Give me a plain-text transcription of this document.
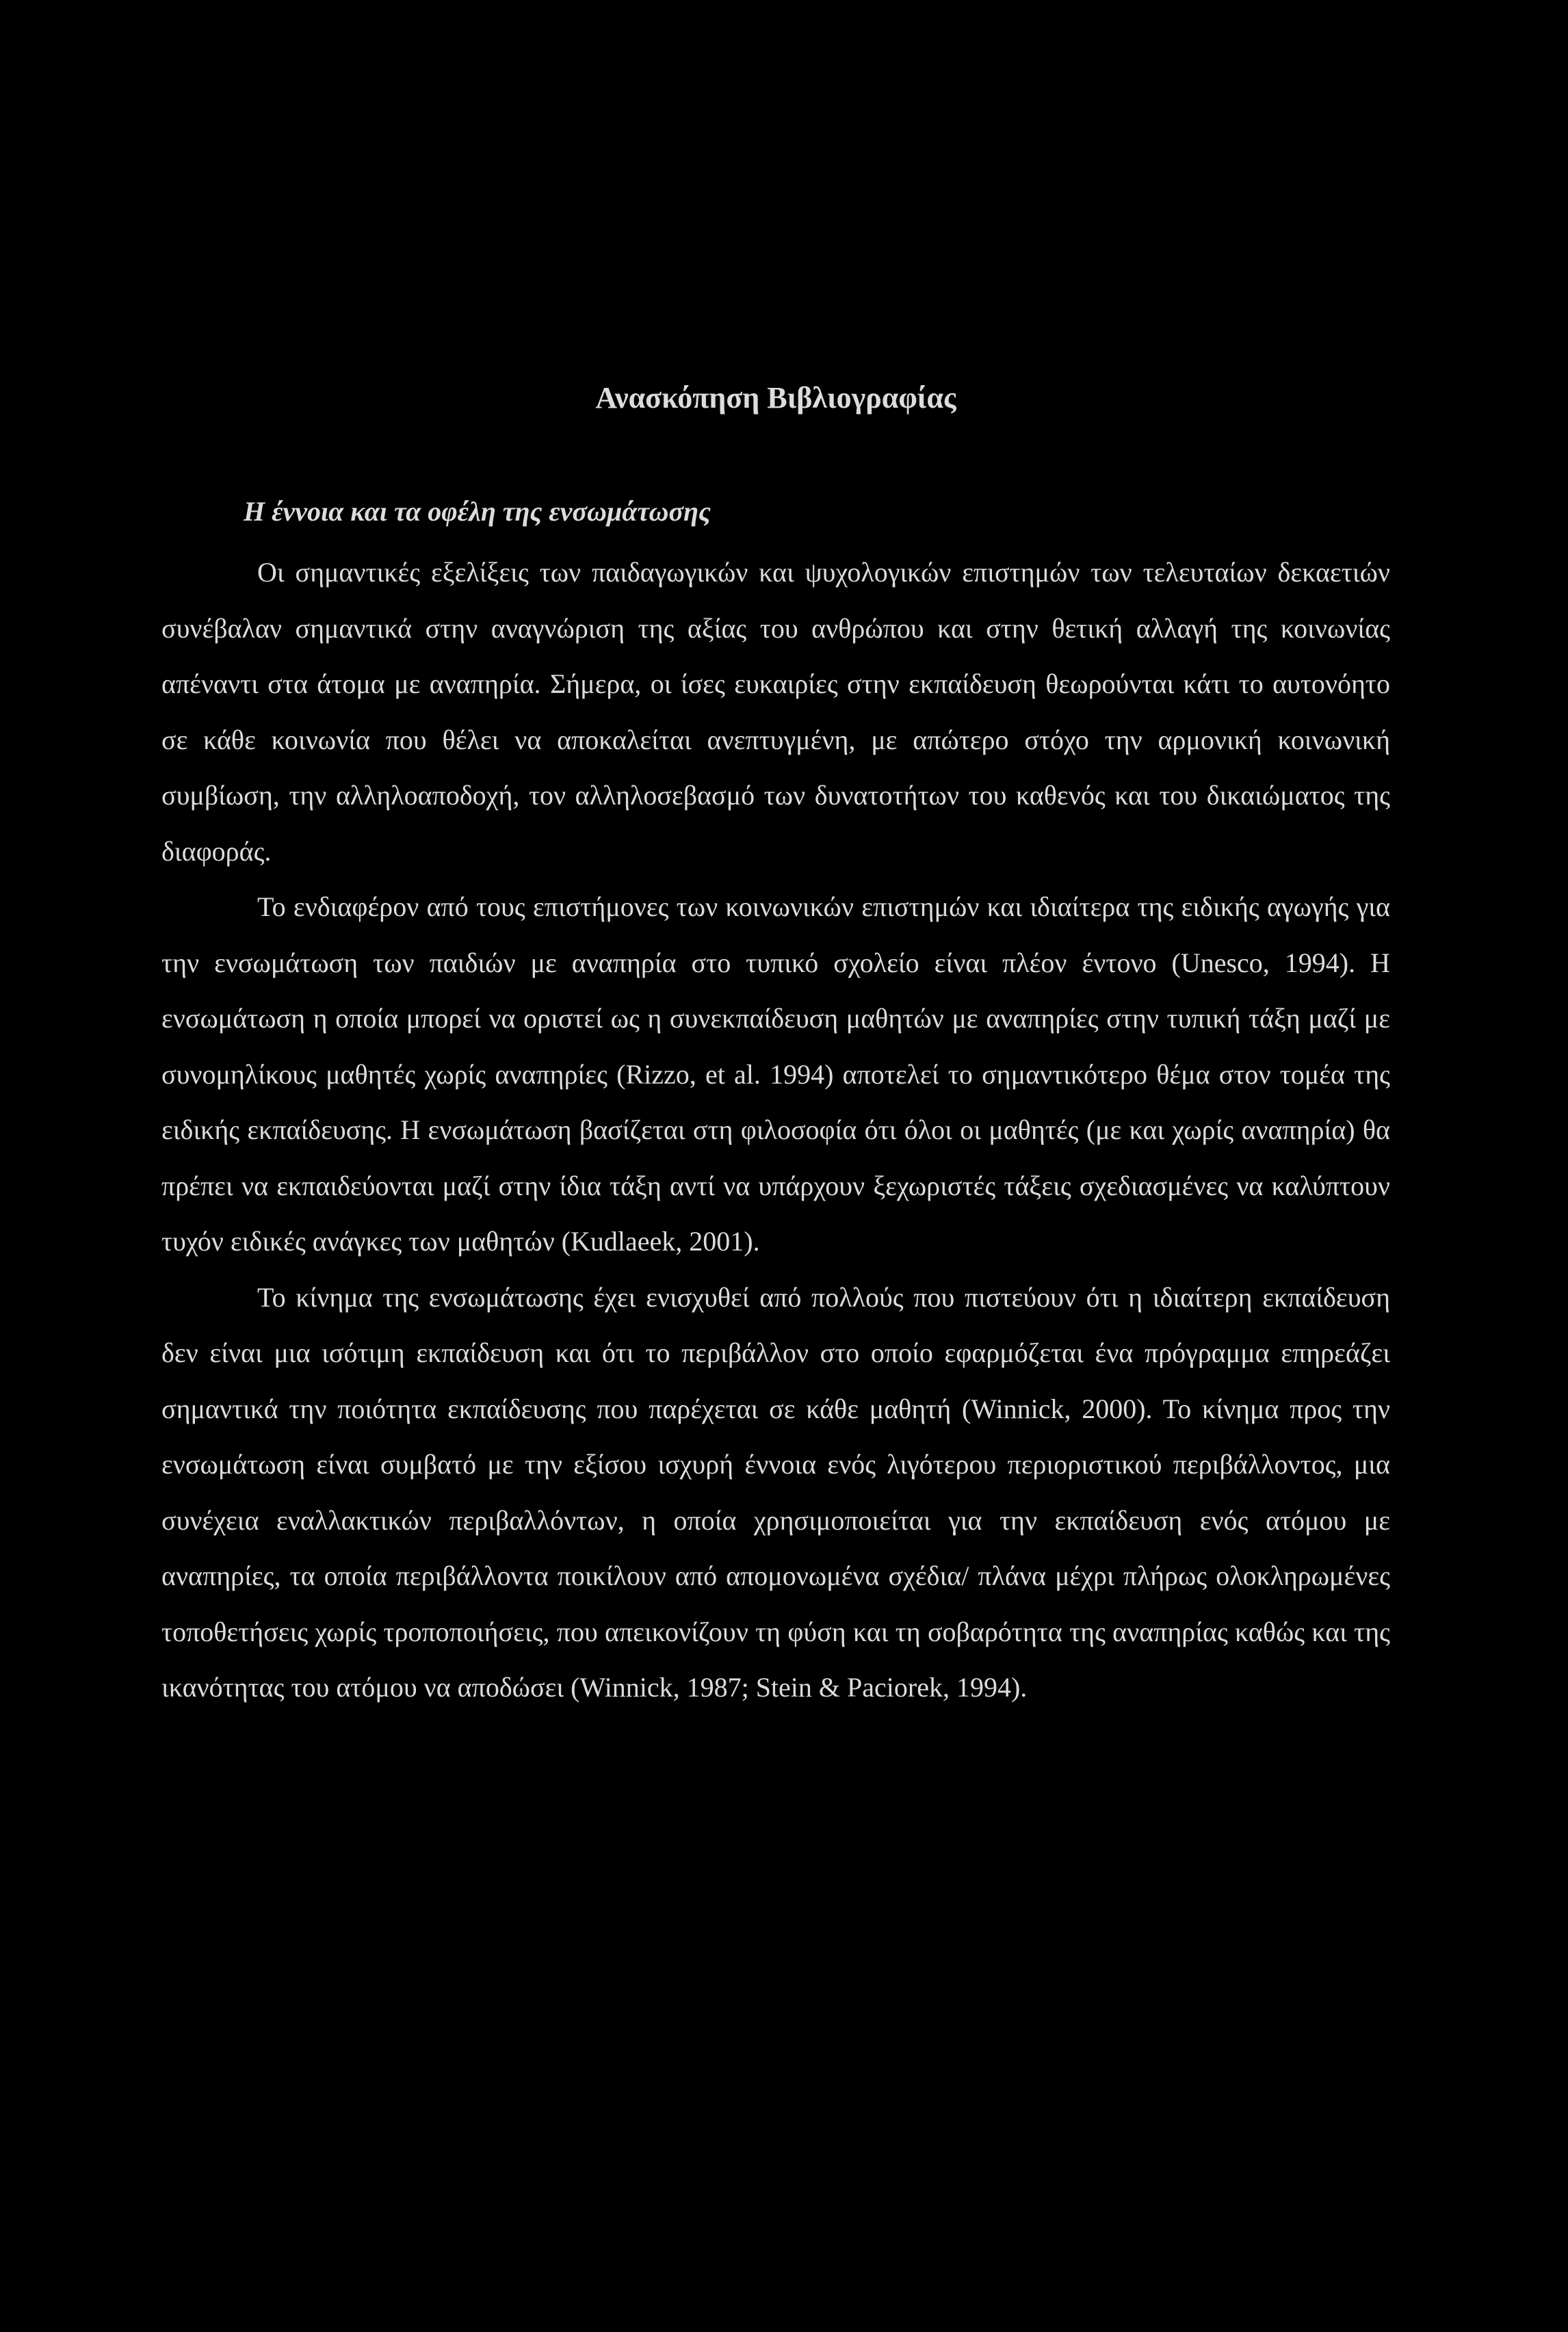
Ανασκόπηση Βιβλιογραφίας
Η έννοια και τα οφέλη της ενσωμάτωσης

Οι σημαντικές εξελίξεις των παιδαγωγικών και ψυχολογικών επιστημών των τελευταίων δεκαετιών συνέβαλαν σημαντικά στην αναγνώριση της αξίας του ανθρώπου και στην θετική αλλαγή της κοινωνίας απέναντι στα άτομα με αναπηρία. Σήμερα, οι ίσες ευκαιρίες στην εκπαίδευση θεωρούνται κάτι το αυτονόητο σε κάθε κοινωνία που θέλει να αποκαλείται ανεπτυγμένη, με απώτερο στόχο την αρμονική κοινωνική συμβίωση, την αλληλοαποδοχή, τον αλληλοσεβασμό των δυνατοτήτων του καθενός και του δικαιώματος της διαφοράς.

Το ενδιαφέρον από τους επιστήμονες των κοινωνικών επιστημών και ιδιαίτερα της ειδικής αγωγής για την ενσωμάτωση των παιδιών με αναπηρία στο τυπικό σχολείο είναι πλέον έντονο (Unesco, 1994). Η ενσωμάτωση η οποία μπορεί να οριστεί ως η συνεκπαίδευση μαθητών με αναπηρίες στην τυπική τάξη μαζί με συνομηλίκους μαθητές χωρίς αναπηρίες (Rizzo, et al. 1994) αποτελεί το σημαντικότερο θέμα στον τομέα της ειδικής εκπαίδευσης. Η ενσωμάτωση βασίζεται στη φιλοσοφία ότι όλοι οι μαθητές (με και χωρίς αναπηρία) θα πρέπει να εκπαιδεύονται μαζί στην ίδια τάξη αντί να υπάρχουν ξεχωριστές τάξεις σχεδιασμένες να καλύπτουν τυχόν ειδικές ανάγκες των μαθητών (Kudlaeek, 2001).

Το κίνημα της ενσωμάτωσης έχει ενισχυθεί από πολλούς που πιστεύουν ότι η ιδιαίτερη εκπαίδευση δεν είναι μια ισότιμη εκπαίδευση και ότι το περιβάλλον στο οποίο εφαρμόζεται ένα πρόγραμμα επηρεάζει σημαντικά την ποιότητα εκπαίδευσης που παρέχεται σε κάθε μαθητή (Winnick, 2000). Το κίνημα προς την ενσωμάτωση είναι συμβατό με την εξίσου ισχυρή έννοια ενός λιγότερου περιοριστικού περιβάλλοντος, μια συνέχεια εναλλακτικών περιβαλλόντων, η οποία χρησιμοποιείται για την εκπαίδευση ενός ατόμου με αναπηρίες, τα οποία περιβάλλοντα ποικίλουν από απομονωμένα σχέδια/ πλάνα μέχρι πλήρως ολοκληρωμένες τοποθετήσεις χωρίς τροποποιήσεις, που απεικονίζουν τη φύση και τη σοβαρότητα της αναπηρίας καθώς και της ικανότητας του ατόμου να αποδώσει (Winnick, 1987; Stein & Paciorek, 1994).
